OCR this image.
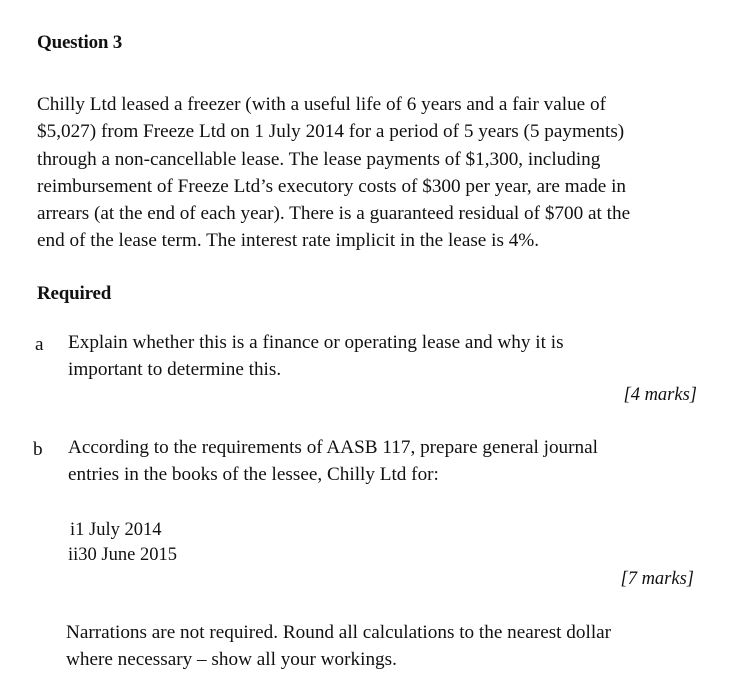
Question 3

Chilly Ltd leased a freezer (with a useful life of 6 years and a fair value of
$5,027) from Freeze Ltd on 1 July 2014 for a period of 5 years (5 payments)
through a non-cancellable lease. The lease payments of $1,300, including
reimbursement of Freeze Ltd’s executory costs of $300 per year, are made in
arrears (at the end of each year). There is a guaranteed residual of $700 at the
end of the lease term. The interest rate implicit in the lease is 4%.

Required
a Explain whether this is a finance or operating lease and why it is
important to determine this.

[4 marks]
b According to the requirements of AASB 117, prepare general journal
entries in the books of the lessee, Chilly Ltd for:

i1 July 2014
ii30 June 2015
[7 marks]

Narrations are not required. Round all calculations to the nearest dollar
where necessary – show all your workings.
